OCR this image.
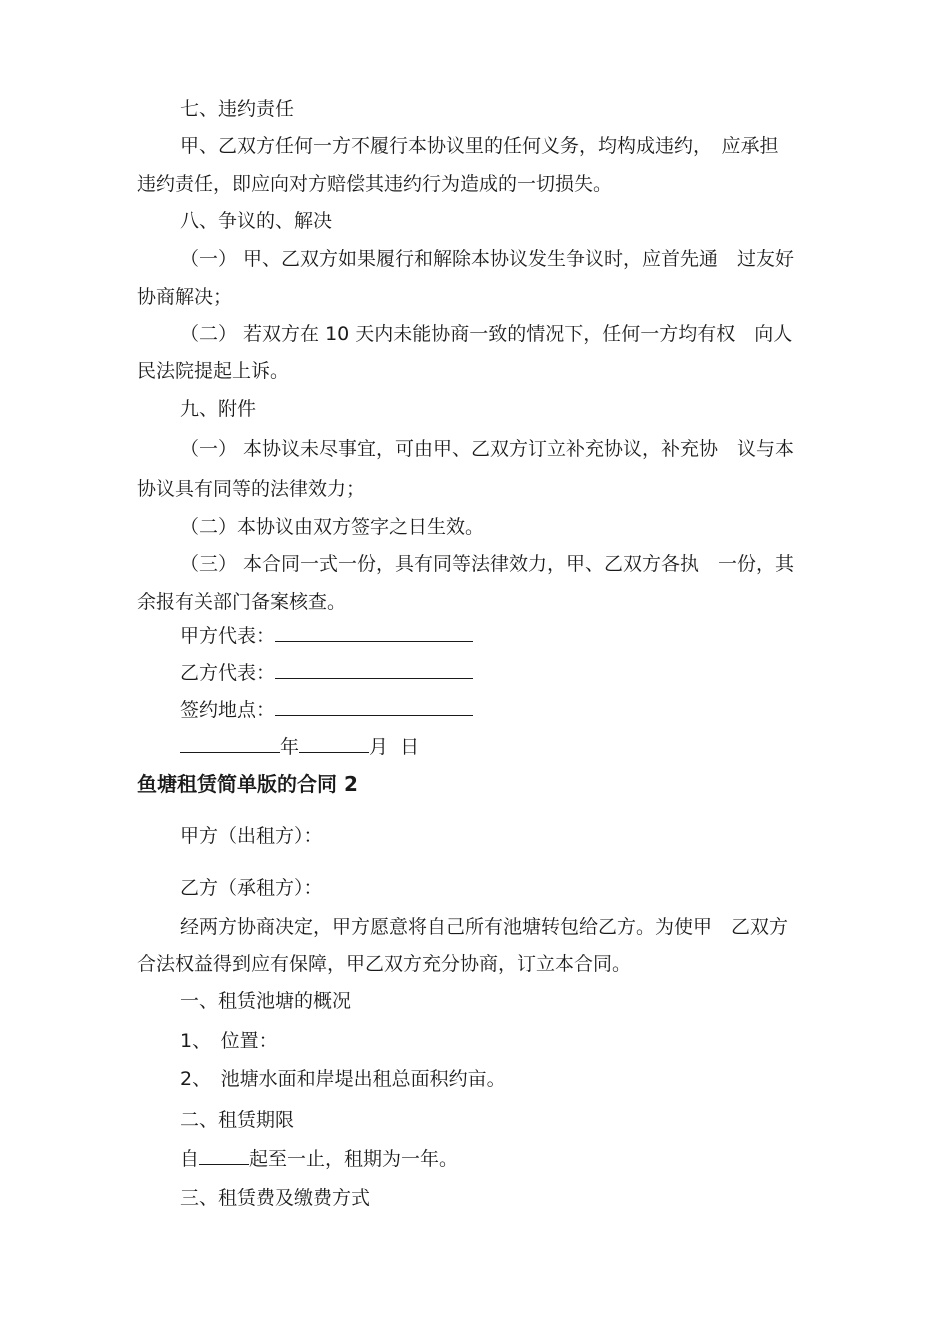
七、违约责任
甲、乙双方任何一方不履行本协议里的任何义务，均构成违约，　应承担
违约责任，即应向对方赔偿其违约行为造成的一切损失。
八、争议的、解决
（一） 甲、乙双方如果履行和解除本协议发生争议时，应首先通　过友好
协商解决；
（二） 若双方在 10 天内未能协商一致的情况下，任何一方均有权　向人
民法院提起上诉。
九、附件
（一） 本协议未尽事宜，可由甲、乙双方订立补充协议，补充协　议与本
协议具有同等的法律效力；
（二）本协议由双方签字之日生效。
（三） 本合同一式一份，具有同等法律效力，甲、乙双方各执　一份，其
余报有关部门备案核查。
甲方代表：
乙方代表：
签约地点：
年	月 日
鱼塘租赁简单版的合同 2
甲方（出租方）：
乙方（承租方）：
经两方协商决定，甲方愿意将自己所有池塘转包给乙方。为使甲　乙双方
合法权益得到应有保障，甲乙双方充分协商，订立本合同。
一、租赁池塘的概况
1、　位置：
2、　池塘水面和岸堤出租总面积约亩。
二、租赁期限
自	起至一止，租期为一年。
三、租赁费及缴费方式
